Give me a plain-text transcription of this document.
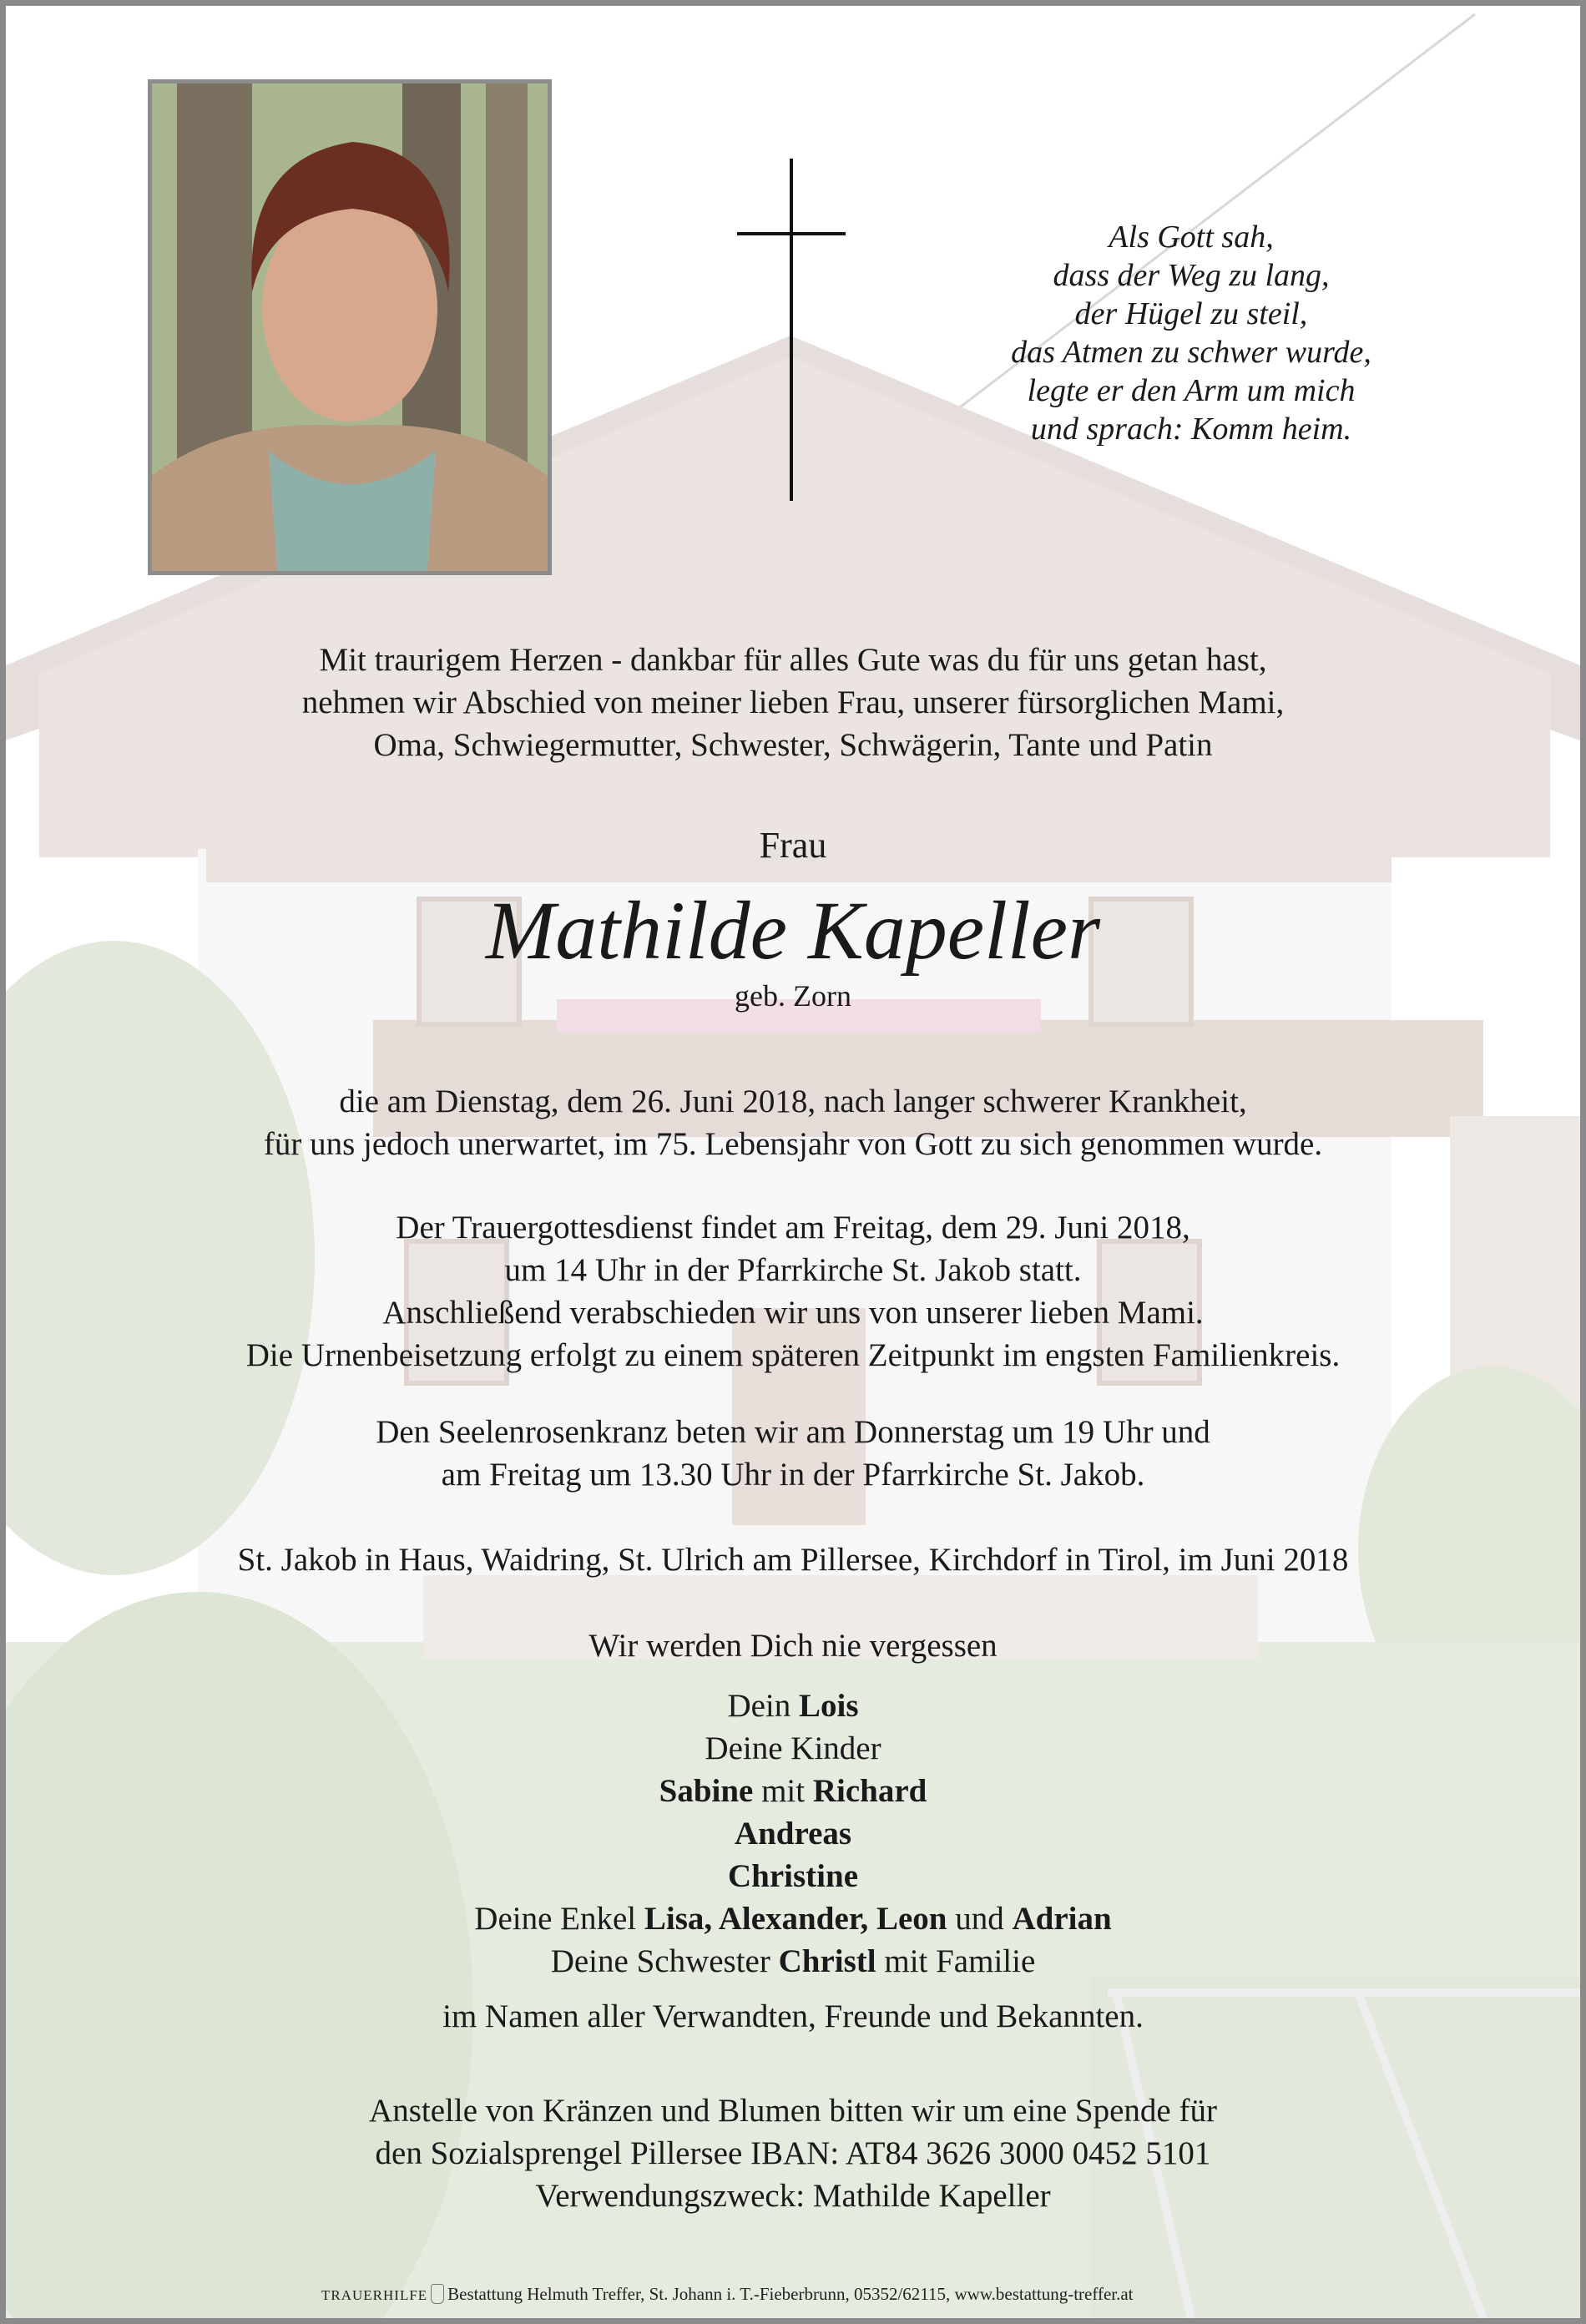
Als Gott sah,
dass der Weg zu lang,
der Hügel zu steil,
das Atmen zu schwer wurde,
legte er den Arm um mich
und sprach: Komm heim.
Mit traurigem Herzen - dankbar für alles Gute was du für uns getan hast,
nehmen wir Abschied von meiner lieben Frau, unserer fürsorglichen Mami,
Oma, Schwiegermutter, Schwester, Schwägerin, Tante und Patin
Frau
Mathilde Kapeller
geb. Zorn
die am Dienstag, dem 26. Juni 2018, nach langer schwerer Krankheit,
für uns jedoch unerwartet, im 75. Lebensjahr von Gott zu sich genommen wurde.
Der Trauergottesdienst findet am Freitag, dem 29. Juni 2018,
um 14 Uhr in der Pfarrkirche St. Jakob statt.
Anschließend verabschieden wir uns von unserer lieben Mami.
Die Urnenbeisetzung erfolgt zu einem späteren Zeitpunkt im engsten Familienkreis.
Den Seelenrosenkranz beten wir am Donnerstag um 19 Uhr und
am Freitag um 13.30 Uhr in der Pfarrkirche St. Jakob.
St. Jakob in Haus, Waidring, St. Ulrich am Pillersee, Kirchdorf in Tirol, im Juni 2018
Wir werden Dich nie vergessen
Dein Lois
Deine Kinder
Sabine mit Richard
Andreas
Christine
Deine Enkel Lisa, Alexander, Leon und Adrian
Deine Schwester Christl mit Familie
im Namen aller Verwandten, Freunde und Bekannten.
Anstelle von Kränzen und Blumen bitten wir um eine Spende für
den Sozialsprengel Pillersee IBAN: AT84 3626 3000 0452 5101
Verwendungszweck: Mathilde Kapeller
TRAUERHILFE Bestattung Helmuth Treffer, St. Johann i. T.-Fieberbrunn, 05352/62115, www.bestattung-treffer.at
